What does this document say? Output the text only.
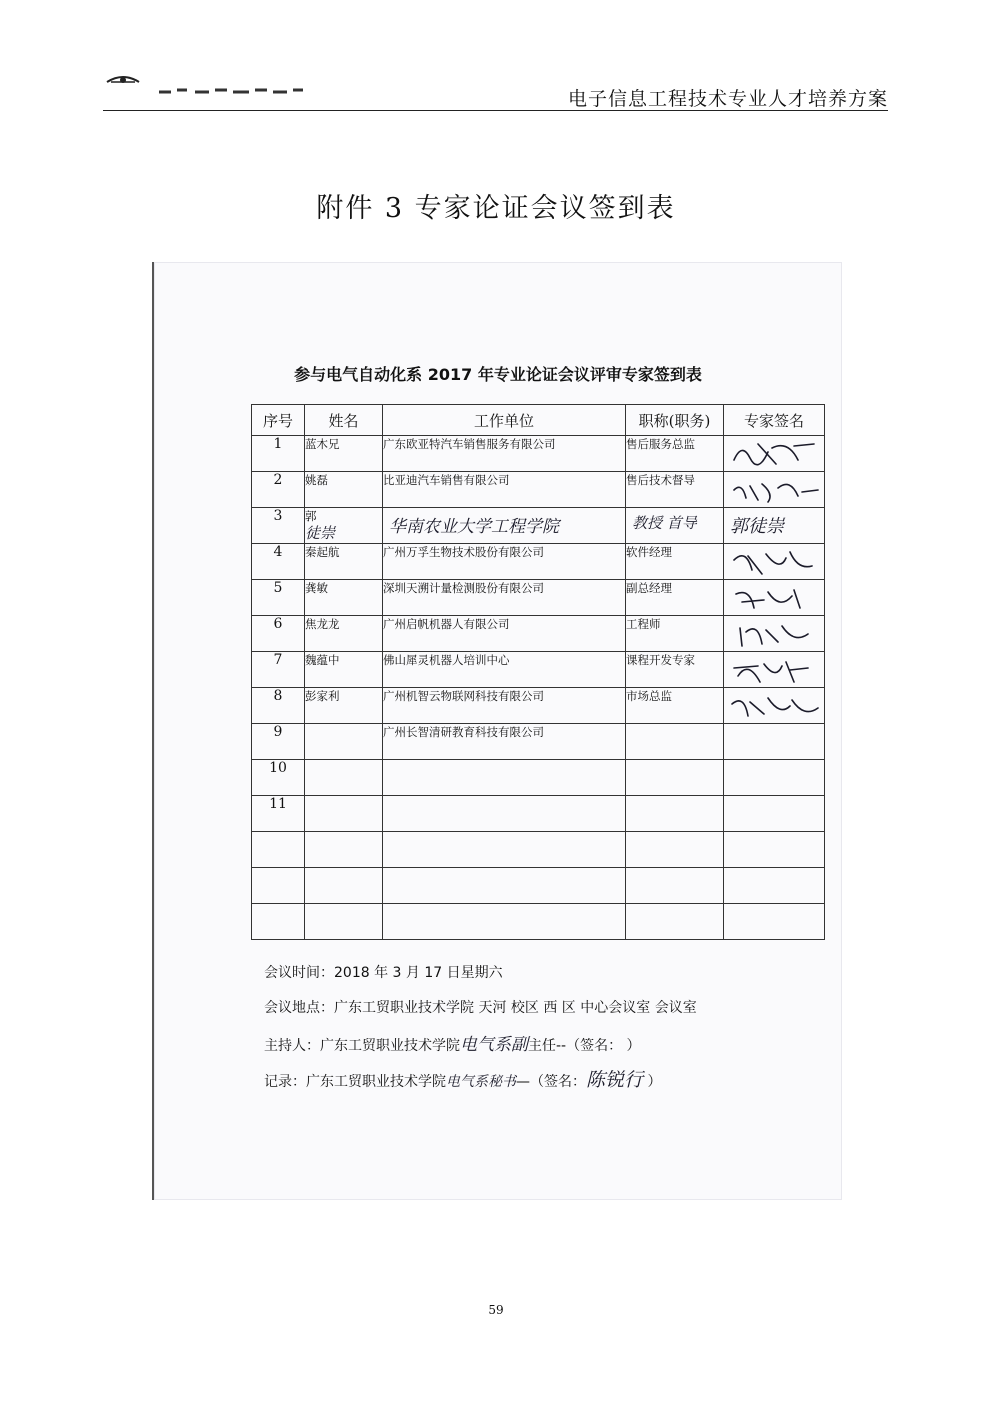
电子信息工程技术专业人才培养方案
附件 3 专家论证会议签到表
参与电气自动化系 2017 年专业论证会议评审专家签到表
序号	姓名	工作单位	职称(职务)	专家签名
1	蓝木兄	广东欧亚特汽车销售服务有限公司	售后服务总监	

2	姚磊	比亚迪汽车销售有限公司	售后技术督导	

3	郭
徒崇	华南农业大学工程学院	教授 首导	郭徒崇

4	秦起航	广州万孚生物技术股份有限公司	软件经理	

5	龚敏	深圳天溯计量检测股份有限公司	副总经理	

6	焦龙龙	广州启帆机器人有限公司	工程师	

7	魏蕴中	佛山犀灵机器人培训中心	课程开发专家	

8	彭家利	广州机智云物联网科技有限公司	市场总监	

9		广州长智清研教育科技有限公司		
10				
11				

会议时间：2018 年 3 月 17 日星期六
会议地点：广东工贸职业技术学院 天河 校区 西 区 中心会议室 会议室
主持人：广东工贸职业技术学院电气系副主任--（签名： ）
记录：广东工贸职业技术学院电气系秘书—（签名：陈锐行 ）
59
